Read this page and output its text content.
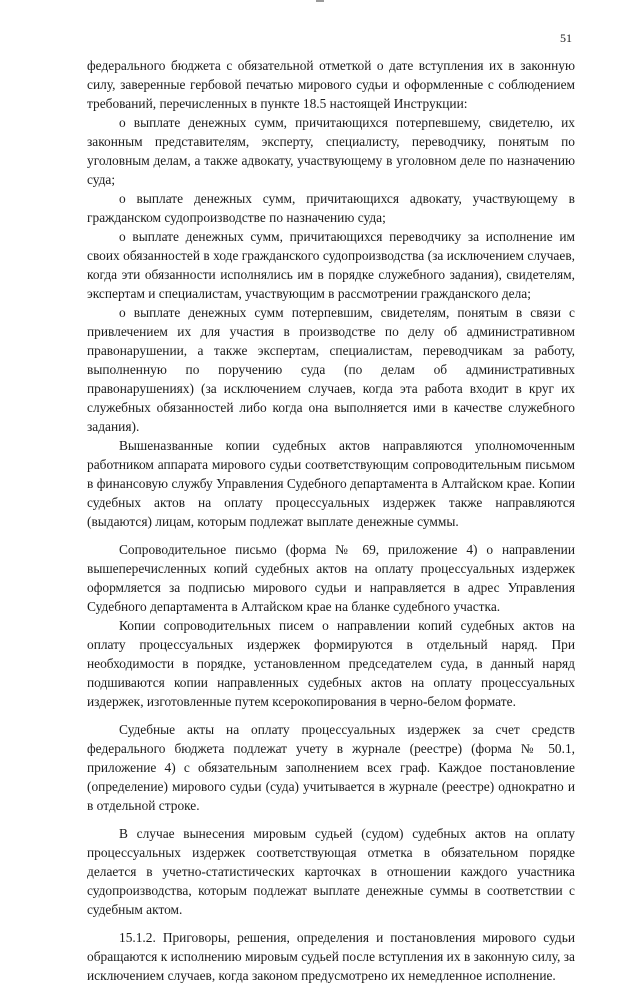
51

федерального бюджета с обязательной отметкой о дате вступления их в законную силу, заверенные гербовой печатью мирового судьи и оформленные с соблюдением требований, перечисленных в пункте 18.5 настоящей Инструкции:

о выплате денежных сумм, причитающихся потерпевшему, свидетелю, их законным представителям, эксперту, специалисту, переводчику, понятым по уголовным делам, а также адвокату, участвующему в уголовном деле по назначению суда;

о выплате денежных сумм, причитающихся адвокату, участвующему в гражданском судопроизводстве по назначению суда;

о выплате денежных сумм, причитающихся переводчику за исполнение им своих обязанностей в ходе гражданского судопроизводства (за исключением случаев, когда эти обязанности исполнялись им в порядке служебного задания), свидетелям, экспертам и специалистам, участвующим в рассмотрении гражданского дела;

о выплате денежных сумм потерпевшим, свидетелям, понятым в связи с привлечением их для участия в производстве по делу об административном правонарушении, а также экспертам, специалистам, переводчикам за работу, выполненную по поручению суда (по делам об административных правонарушениях) (за исключением случаев, когда эта работа входит в круг их служебных обязанностей либо когда она выполняется ими в качестве служебного задания).

Вышеназванные копии судебных актов направляются уполномоченным работником аппарата мирового судьи соответствующим сопроводительным письмом в финансовую службу Управления Судебного департамента в Алтайском крае. Копии судебных актов на оплату процессуальных издержек также направляются (выдаются) лицам, которым подлежат выплате денежные суммы.

Сопроводительное письмо (форма № 69, приложение 4) о направлении вышеперечисленных копий судебных актов на оплату процессуальных издержек оформляется за подписью мирового судьи и направляется в адрес Управления Судебного департамента в Алтайском крае на бланке судебного участка.

Копии сопроводительных писем о направлении копий судебных актов на оплату процессуальных издержек формируются в отдельный наряд. При необходимости в порядке, установленном председателем суда, в данный наряд подшиваются копии направленных судебных актов на оплату процессуальных издержек, изготовленные путем ксерокопирования в черно-белом формате.

Судебные акты на оплату процессуальных издержек за счет средств федерального бюджета подлежат учету в журнале (реестре) (форма № 50.1, приложение 4) с обязательным заполнением всех граф. Каждое постановление (определение) мирового судьи (суда) учитывается в журнале (реестре) однократно и в отдельной строке.

В случае вынесения мировым судьей (судом) судебных актов на оплату процессуальных издержек соответствующая отметка в обязательном порядке делается в учетно-статистических карточках в отношении каждого участника судопроизводства, которым подлежат выплате денежные суммы в соответствии с судебным актом.

15.1.2. Приговоры, решения, определения и постановления мирового судьи обращаются к исполнению мировым судьей после вступления их в законную силу, за исключением случаев, когда законом предусмотрено их немедленное исполнение.
